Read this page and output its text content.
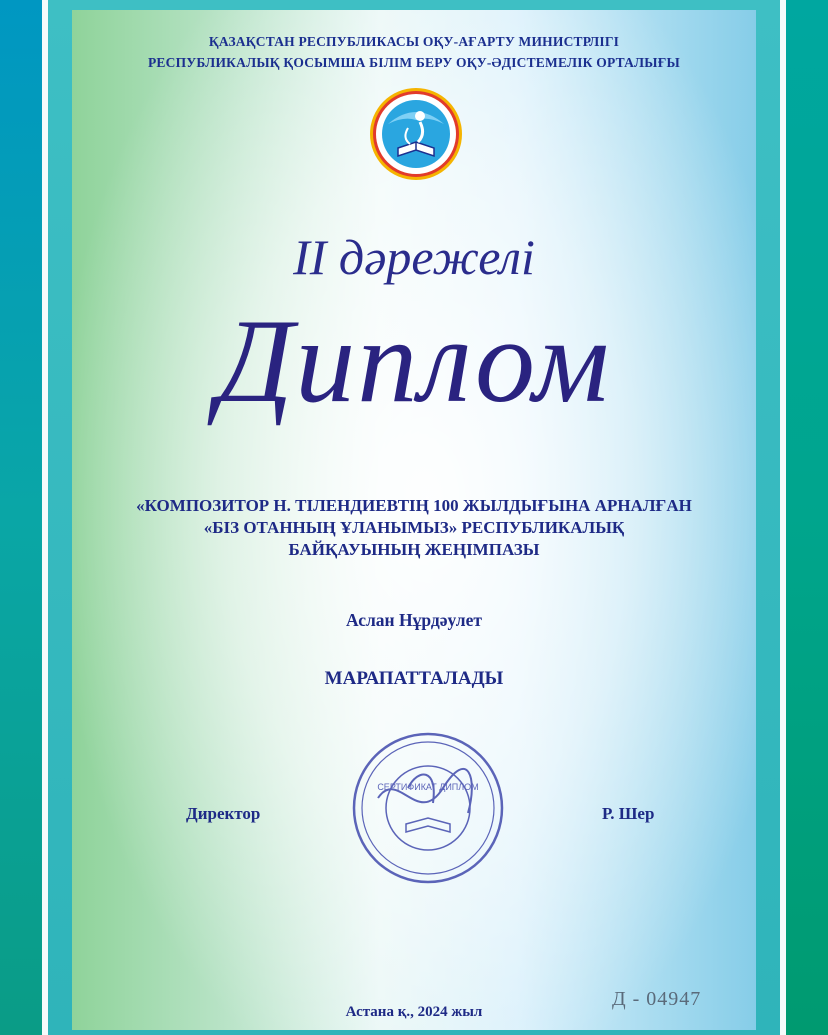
ҚАЗАҚСТАН РЕСПУБЛИКАСЫ ОҚУ-АҒАРТУ МИНИСТРЛІГІ
РЕСПУБЛИКАЛЫҚ ҚОСЫМША БІЛІМ БЕРУ ОҚУ-ӘДІСТЕМЕЛІК ОРТАЛЫҒЫ
II дәрежелі
Диплом
«КОМПОЗИТОР Н. ТІЛЕНДИЕВТІҢ 100 ЖЫЛДЫҒЫНА АРНАЛҒАН
«БІЗ ОТАННЫҢ ҰЛАНЫМЫЗ» РЕСПУБЛИКАЛЫҚ
БАЙҚАУЫНЫҢ ЖЕҢІМПАЗЫ
Аслан Нұрдәулет
МАРАПАТТАЛАДЫ
СЕРТИФИКАТ ДИПЛОМ
Директор	Р. Шер
Д - 04947
Астана қ., 2024 жыл
